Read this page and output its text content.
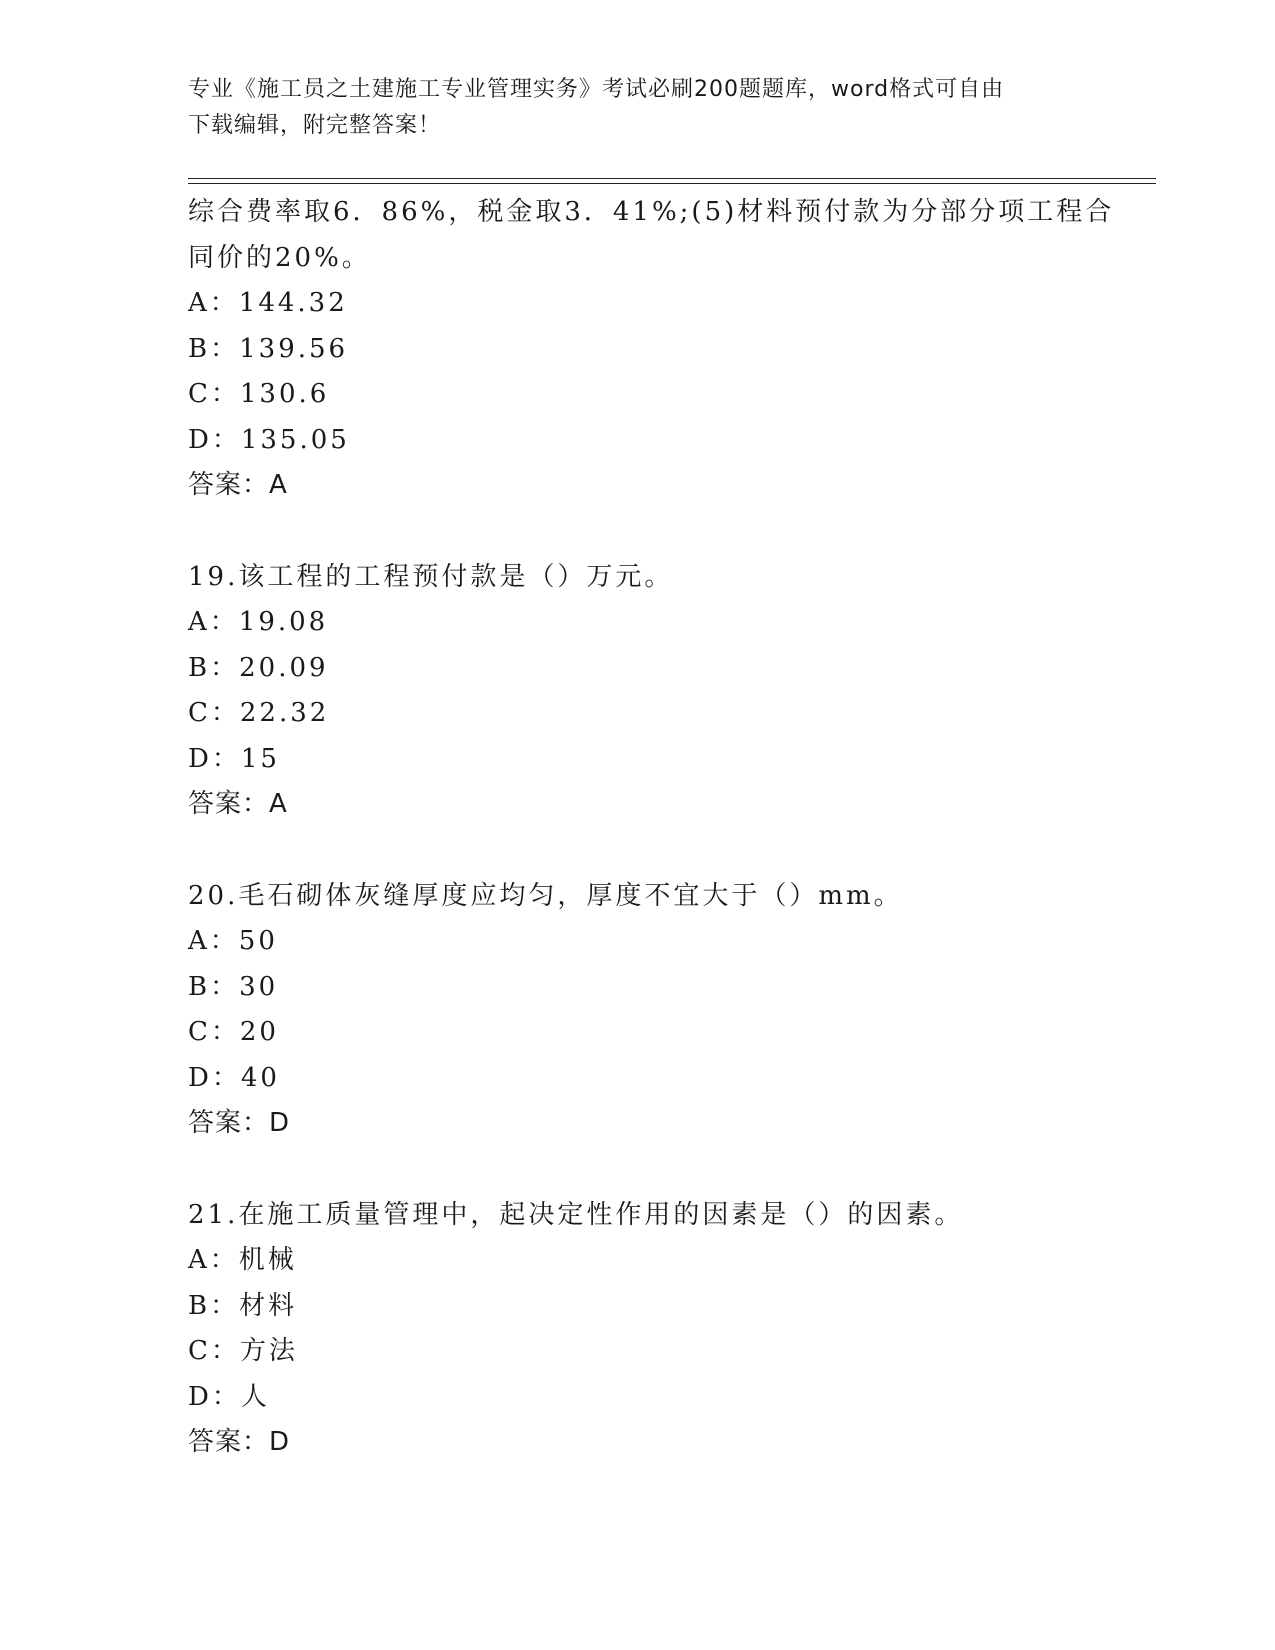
专业《施工员之土建施工专业管理实务》考试必刷200题题库，word格式可自由
下载编辑，附完整答案！
综合费率取6．86%，税金取3．41%;(5)材料预付款为分部分项工程合
同价的20%。
A：144.32
B：139.56
C：130.6
D：135.05
答案：A
19.该工程的工程预付款是（）万元。
A：19.08
B：20.09
C：22.32
D：15
答案：A
20.毛石砌体灰缝厚度应均匀，厚度不宜大于（）mm。
A：50
B：30
C：20
D：40
答案：D
21.在施工质量管理中，起决定性作用的因素是（）的因素。
A：机械
B：材料
C：方法
D：人
答案：D
